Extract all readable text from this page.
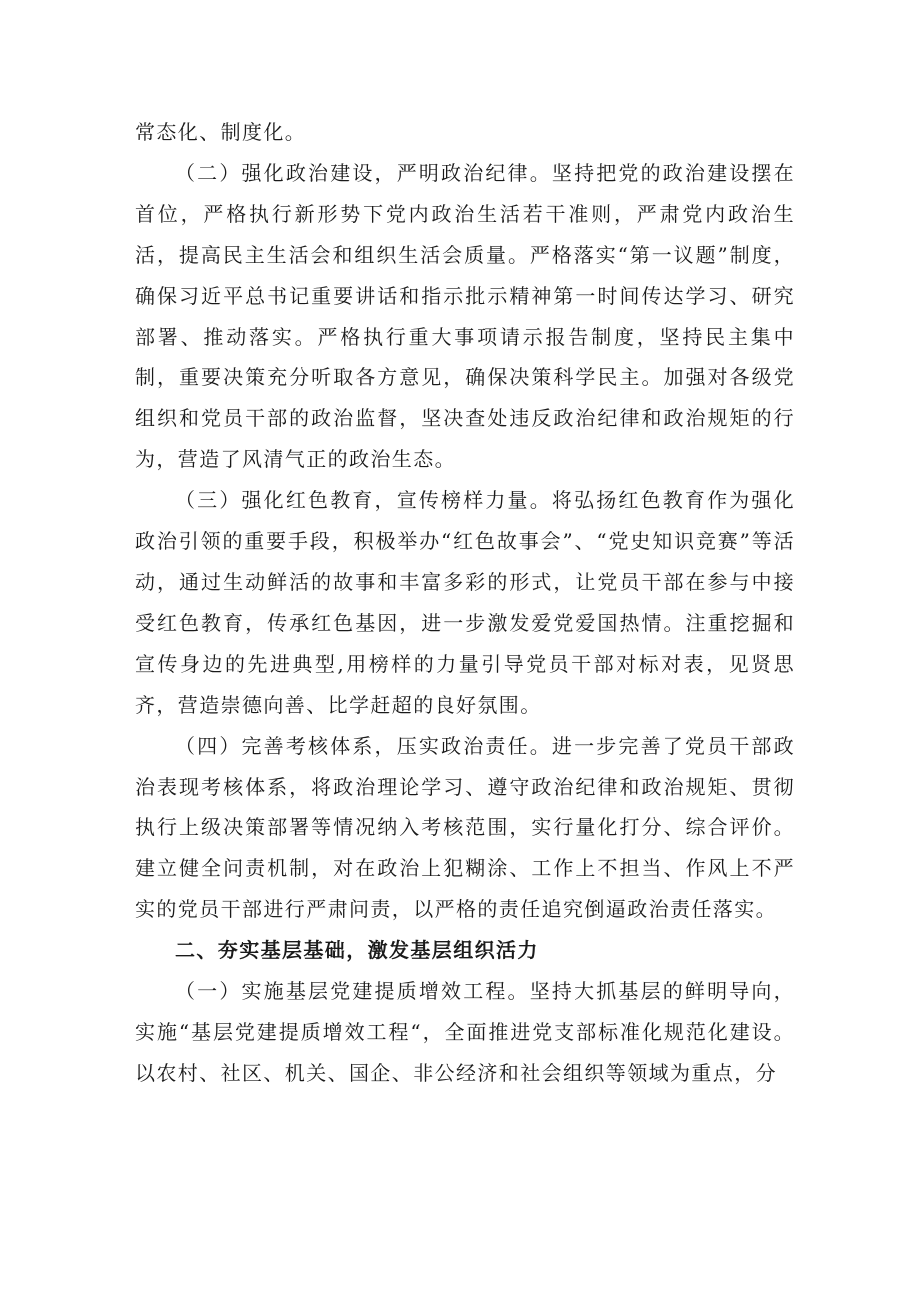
常态化、制度化。

（二）强化政治建设，严明政治纪律。坚持把党的政治建设摆在首位，严格执行新形势下党内政治生活若干准则，严肃党内政治生活，提高民主生活会和组织生活会质量。严格落实“第一议题”制度，确保习近平总书记重要讲话和指示批示精神第一时间传达学习、研究部署、推动落实。严格执行重大事项请示报告制度，坚持民主集中制，重要决策充分听取各方意见，确保决策科学民主。加强对各级党组织和党员干部的政治监督，坚决查处违反政治纪律和政治规矩的行为，营造了风清气正的政治生态。

（三）强化红色教育，宣传榜样力量。将弘扬红色教育作为强化政治引领的重要手段，积极举办“红色故事会”、“党史知识竞赛”等活动，通过生动鲜活的故事和丰富多彩的形式，让党员干部在参与中接受红色教育，传承红色基因，进一步激发爱党爱国热情。注重挖掘和宣传身边的先进典型,用榜样的力量引导党员干部对标对表，见贤思齐，营造崇德向善、比学赶超的良好氛围。

（四）完善考核体系，压实政治责任。进一步完善了党员干部政治表现考核体系，将政治理论学习、遵守政治纪律和政治规矩、贯彻执行上级决策部署等情况纳入考核范围，实行量化打分、综合评价。建立健全问责机制，对在政治上犯糊涂、工作上不担当、作风上不严实的党员干部进行严肃问责，以严格的责任追究倒逼政治责任落实。

二、夯实基层基础，激发基层组织活力

（一）实施基层党建提质增效工程。坚持大抓基层的鲜明导向，实施“基层党建提质增效工程“，全面推进党支部标准化规范化建设。以农村、社区、机关、国企、非公经济和社会组织等领域为重点，分
